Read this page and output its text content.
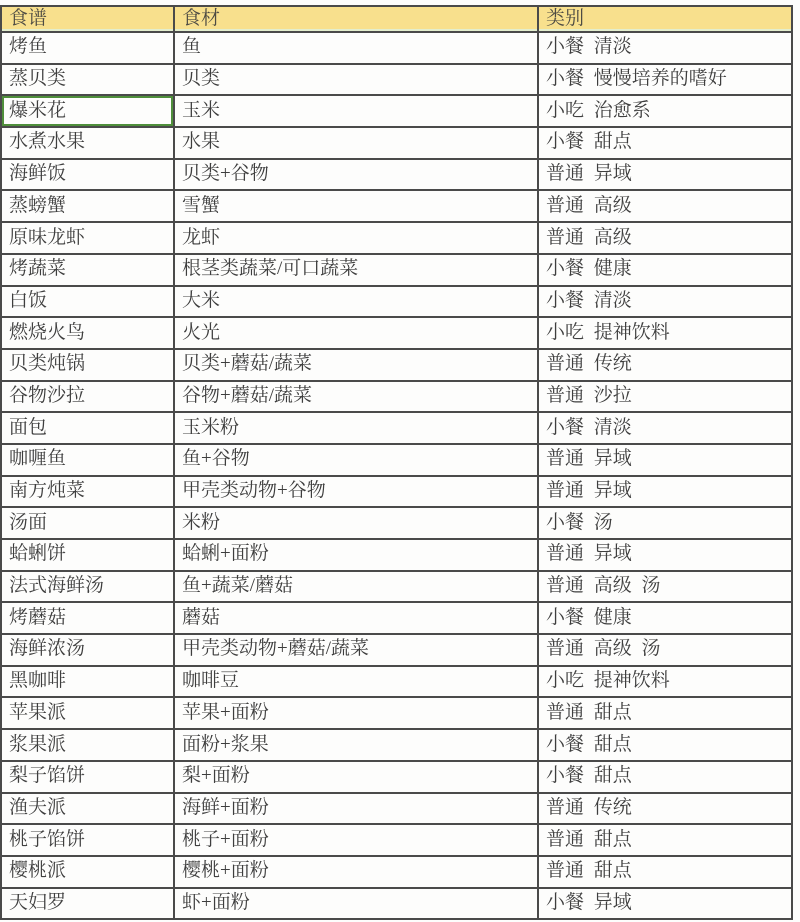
食谱	食材	类别
烤鱼	鱼	小餐 清淡
蒸贝类	贝类	小餐 慢慢培养的嗜好
爆米花	玉米	小吃 治愈系
水煮水果	水果	小餐 甜点
海鲜饭	贝类+谷物	普通 异域
蒸螃蟹	雪蟹	普通 高级
原味龙虾	龙虾	普通 高级
烤蔬菜	根茎类蔬菜/可口蔬菜	小餐 健康
白饭	大米	小餐 清淡
燃烧火鸟	火光	小吃 提神饮料
贝类炖锅	贝类+蘑菇/蔬菜	普通 传统
谷物沙拉	谷物+蘑菇/蔬菜	普通 沙拉
面包	玉米粉	小餐 清淡
咖喱鱼	鱼+谷物	普通 异域
南方炖菜	甲壳类动物+谷物	普通 异域
汤面	米粉	小餐 汤
蛤蜊饼	蛤蜊+面粉	普通 异域
法式海鲜汤	鱼+蔬菜/蘑菇	普通 高级 汤
烤蘑菇	蘑菇	小餐 健康
海鲜浓汤	甲壳类动物+蘑菇/蔬菜	普通 高级 汤
黑咖啡	咖啡豆	小吃 提神饮料
苹果派	苹果+面粉	普通 甜点
浆果派	面粉+浆果	小餐 甜点
梨子馅饼	梨+面粉	小餐 甜点
渔夫派	海鲜+面粉	普通 传统
桃子馅饼	桃子+面粉	普通 甜点
樱桃派	樱桃+面粉	普通 甜点
天妇罗	虾+面粉	小餐 异域
